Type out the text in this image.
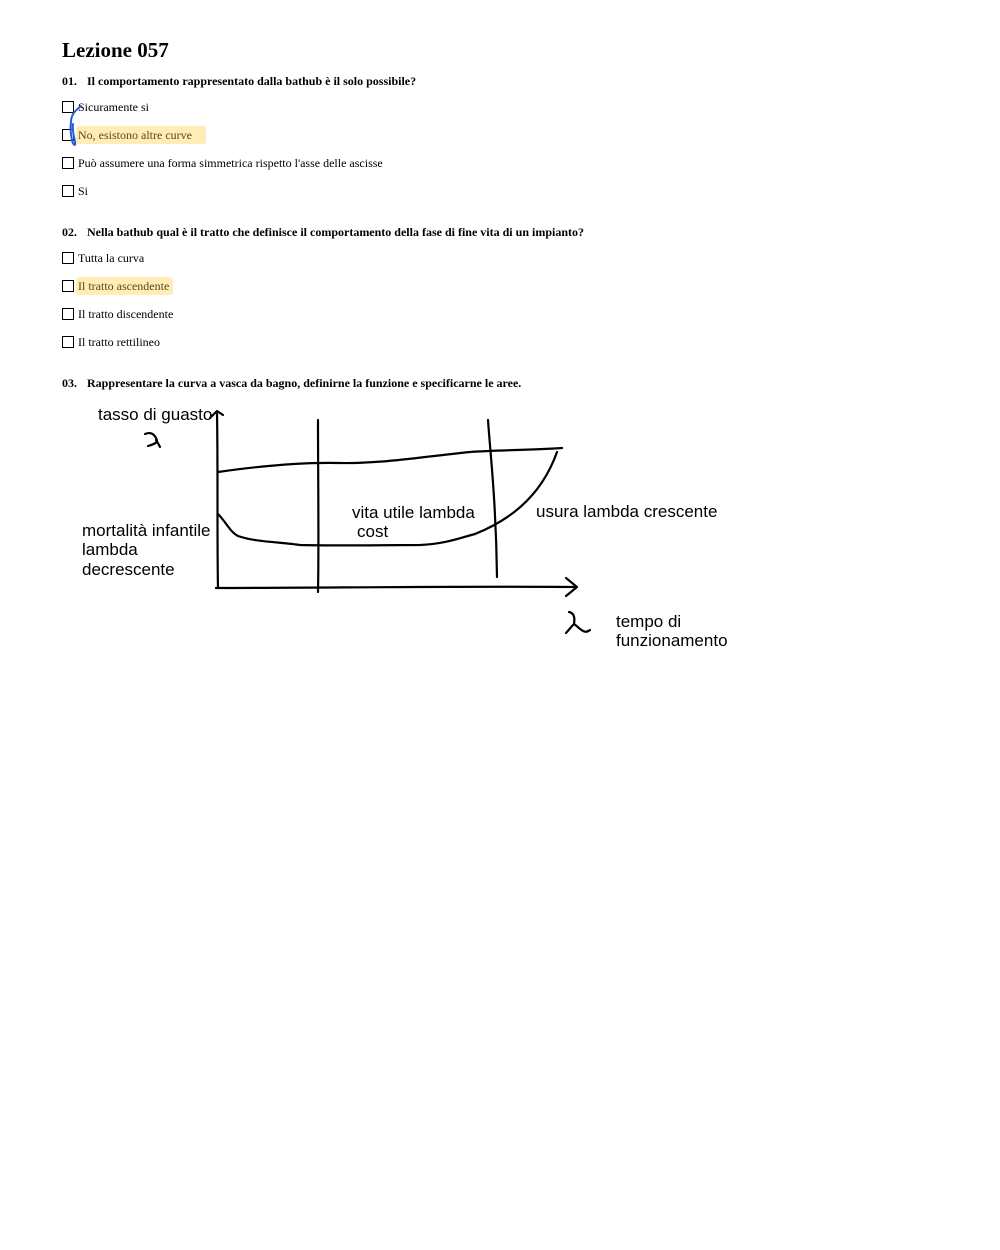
Lezione 057
01. Il comportamento rappresentato dalla bathub è il solo possibile?
Sicuramente si
No, esistono altre curve
Può assumere una forma simmetrica rispetto l'asse delle ascisse
Si
02. Nella bathub qual è il tratto che definisce il comportamento della fase di fine vita di un impianto?
Tutta la curva
Il tratto ascendente
Il tratto discendente
Il tratto rettilineo
03. Rappresentare la curva a vasca da bagno, definirne la funzione e specificarne le aree.
tasso di guasto
mortalità infantile
lambda
decrescente
vita utile lambda
cost
usura lambda crescente
tempo di
funzionamento
